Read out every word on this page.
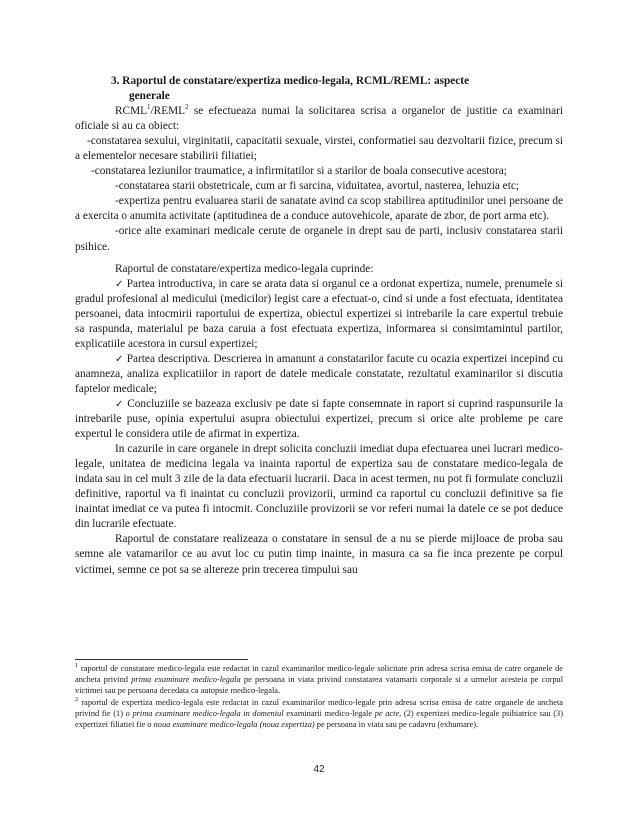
3. Raportul de constatare/expertiza medico-legala, RCML/REML: aspecte
generale

RCML$^1$/REML$^2$ se efectueaza numai la solicitarea scrisa a organelor de justitie ca examinari oficiale si au ca obiect:

-constatarea sexului, virginitatii, capacitatii sexuale, virstei, conformatiei sau dezvoltarii fizice, precum si a elementelor necesare stabilirii filiatiei;

-constatarea leziunilor traumatice, a infirmitatilor si a starilor de boala consecutive acestora;

-constatarea starii obstetricale, cum ar fi sarcina, viduitatea, avortul, nasterea, lehuzia etc;

-expertiza pentru evaluarea starii de sanatate avind ca scop stabilirea aptitudinilor unei persoane de a exercita o anumita activitate (aptitudinea de a conduce autovehicole, aparate de zbor, de port arma etc).

-orice alte examinari medicale cerute de organele in drept sau de parti, inclusiv constatarea starii psihice.

Raportul de constatare/expertiza medico-legala cuprinde:

✓ Partea introductiva, in care se arata data si organul ce a ordonat expertiza, numele, prenumele si gradul profesional al medicului (medicilor) legist care a efectuat-o, cind si unde a fost efectuata, identitatea persoanei, data intocmirii raportului de expertiza, obiectul expertizei si intrebarile la care expertul trebuie sa raspunda, materialul pe baza caruia a fost efectuata expertiza, informarea si consimtamintul partilor, explicatiile acestora in cursul expertizei;

✓ Partea descriptiva. Descrierea in amanunt a constatarilor facute cu ocazia expertizei incepind cu anamneza, analiza explicatiilor in raport de datele medicale constatate, rezultatul examinarilor si discutia faptelor medicale;

✓ Concluziile se bazeaza exclusiv pe date si fapte consemnate in raport si cuprind raspunsurile la intrebarile puse, opinia expertului asupra obiectului expertizei, precum si orice alte probleme pe care expertul le considera utile de afirmat in expertiza.

In cazurile in care organele in drept solicita concluzii imediat dupa efectuarea unei lucrari medico-legale, unitatea de medicina legala va inainta raportul de expertiza sau de constatare medico-legala de indata sau in cel mult 3 zile de la data efectuarii lucrarii. Daca in acest termen, nu pot fi formulate concluzii definitive, raportul va fi inaintat cu concluzii provizorii, urmind ca raportul cu concluzii definitive sa fie inaintat imediat ce va putea fi intocmit. Concluziile provizorii se vor referi numai la datele ce se pot deduce din lucrarile efectuate.

Raportul de constatare realizeaza o constatare in sensul de a nu se pierde mijloace de proba sau semne ale vatamarilor ce au avut loc cu putin timp inainte, in masura ca sa fie inca prezente pe corpul victimei, semne ce pot sa se altereze prin trecerea timpului sau

$^1$ raportul de constatare medico-legala este redactat in cazul examinarilor medico-legale solicitate prin adresa scrisa emisa de catre organele de ancheta privind prima examinare medico-legala pe persoana in viata privind constatarea vatamarii corporale si a urmelor acesteia pe corpul victimei sau pe persoana decedata ca autopsie medico-legala.

$^2$ raportul de expertiza medico-legala este redactat in cazul examinarilor medico-legale prin adresa scrisa emisa de catre organele de ancheta privind fie (1) o prima examinare medico-legala in domeniul examinarii medico-legale pe acte, (2) expertizei medico-legale psihiatrice sau (3) expertizei filiatiei fie o noua examinare medico-legala (noua expertiza) pe persoana in viata sau pe cadavru (exhumare).

42
